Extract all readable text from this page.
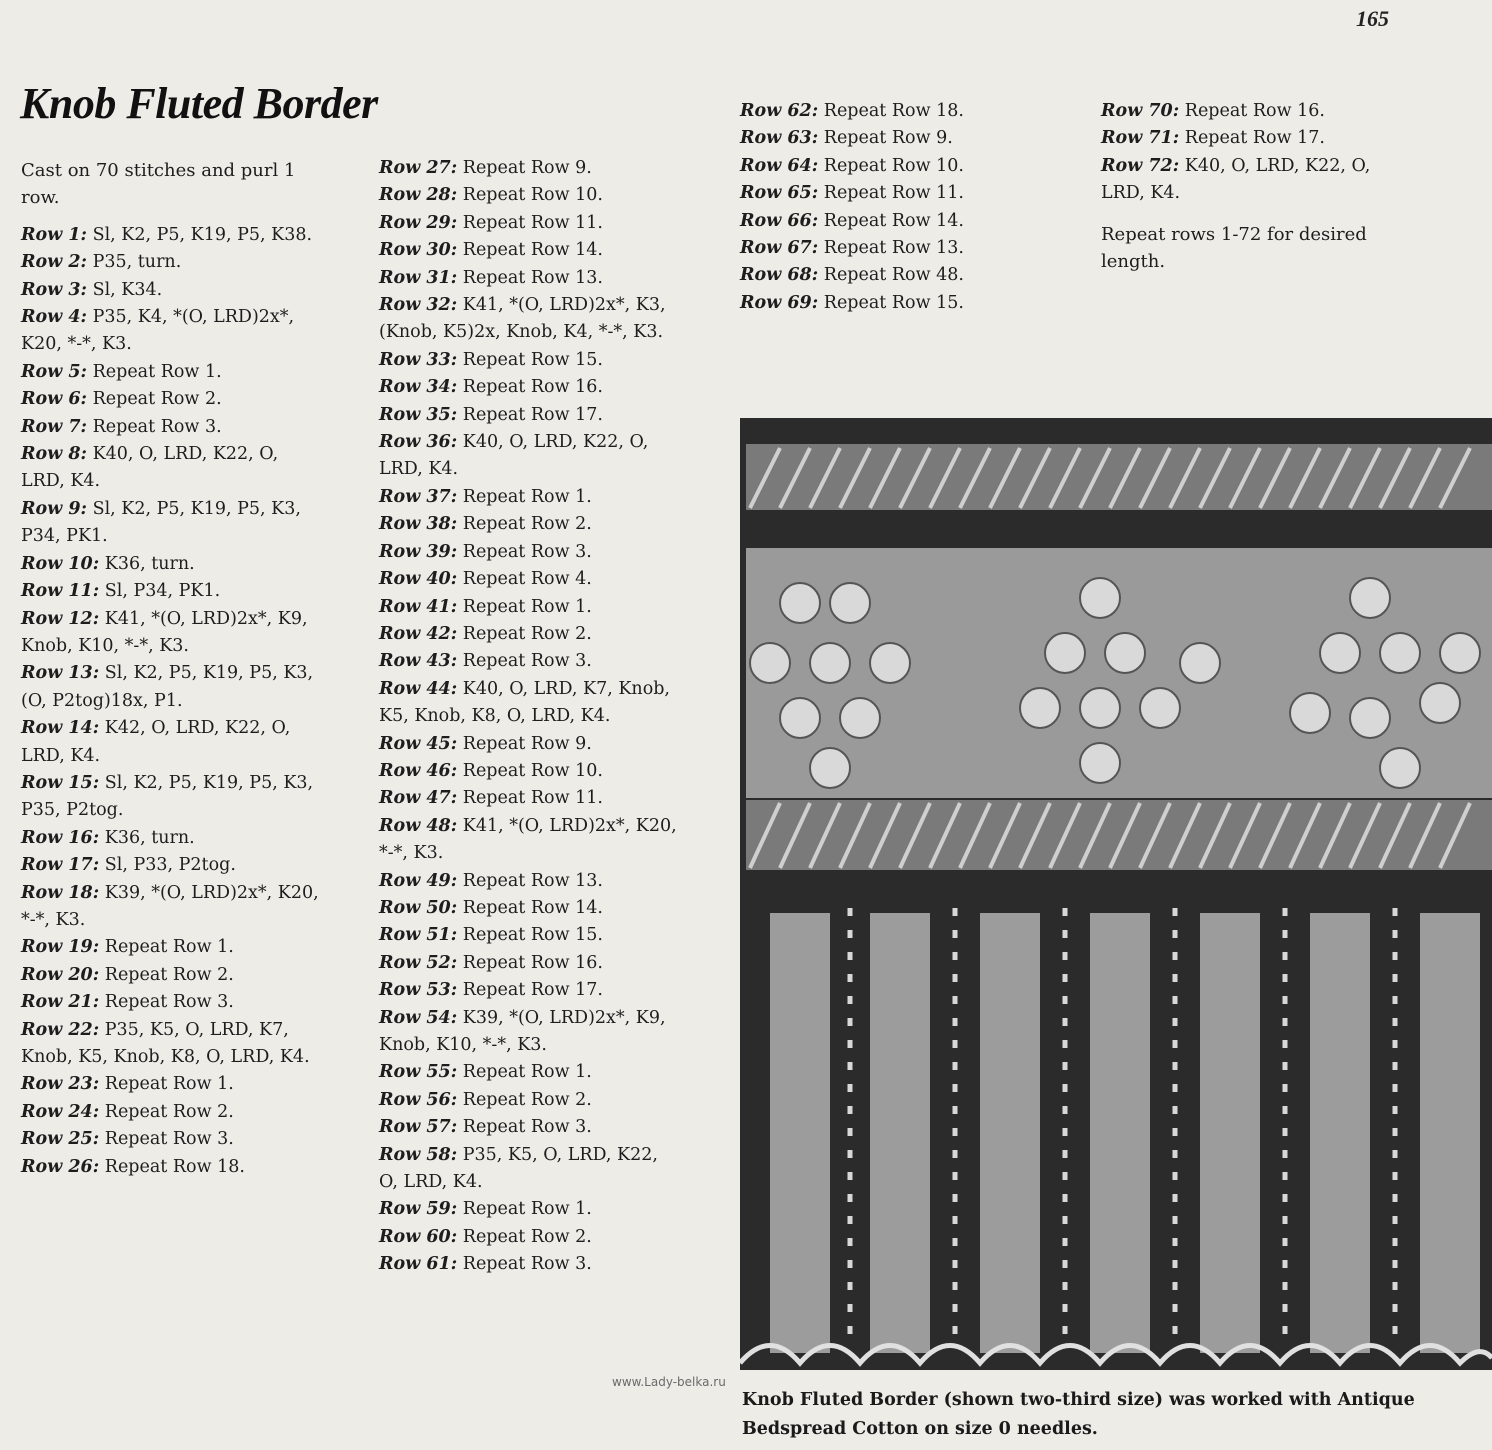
165
Knob Fluted Border

Cast on 70 stitches and purl 1 row.

Row 1: Sl, K2, P5, K19, P5, K38.

Row 2: P35, turn.

Row 3: Sl, K34.

Row 4: P35, K4, *(O, LRD)2x*, K20, *-*, K3.

Row 5: Repeat Row 1.

Row 6: Repeat Row 2.

Row 7: Repeat Row 3.

Row 8: K40, O, LRD, K22, O, LRD, K4.

Row 9: Sl, K2, P5, K19, P5, K3, P34, PK1.

Row 10: K36, turn.

Row 11: Sl, P34, PK1.

Row 12: K41, *(O, LRD)2x*, K9, Knob, K10, *-*, K3.

Row 13: Sl, K2, P5, K19, P5, K3, (O, P2tog)18x, P1.

Row 14: K42, O, LRD, K22, O, LRD, K4.

Row 15: Sl, K2, P5, K19, P5, K3, P35, P2tog.

Row 16: K36, turn.

Row 17: Sl, P33, P2tog.

Row 18: K39, *(O, LRD)2x*, K20, *-*, K3.

Row 19: Repeat Row 1.

Row 20: Repeat Row 2.

Row 21: Repeat Row 3.

Row 22: P35, K5, O, LRD, K7, Knob, K5, Knob, K8, O, LRD, K4.

Row 23: Repeat Row 1.

Row 24: Repeat Row 2.

Row 25: Repeat Row 3.

Row 26: Repeat Row 18.

Row 27: Repeat Row 9.

Row 28: Repeat Row 10.

Row 29: Repeat Row 11.

Row 30: Repeat Row 14.

Row 31: Repeat Row 13.

Row 32: K41, *(O, LRD)2x*, K3, (Knob, K5)2x, Knob, K4, *-*, K3.

Row 33: Repeat Row 15.

Row 34: Repeat Row 16.

Row 35: Repeat Row 17.

Row 36: K40, O, LRD, K22, O, LRD, K4.

Row 37: Repeat Row 1.

Row 38: Repeat Row 2.

Row 39: Repeat Row 3.

Row 40: Repeat Row 4.

Row 41: Repeat Row 1.

Row 42: Repeat Row 2.

Row 43: Repeat Row 3.

Row 44: K40, O, LRD, K7, Knob, K5, Knob, K8, O, LRD, K4.

Row 45: Repeat Row 9.

Row 46: Repeat Row 10.

Row 47: Repeat Row 11.

Row 48: K41, *(O, LRD)2x*, K20, *-*, K3.

Row 49: Repeat Row 13.

Row 50: Repeat Row 14.

Row 51: Repeat Row 15.

Row 52: Repeat Row 16.

Row 53: Repeat Row 17.

Row 54: K39, *(O, LRD)2x*, K9, Knob, K10, *-*, K3.

Row 55: Repeat Row 1.

Row 56: Repeat Row 2.

Row 57: Repeat Row 3.

Row 58: P35, K5, O, LRD, K22, O, LRD, K4.

Row 59: Repeat Row 1.

Row 60: Repeat Row 2.

Row 61: Repeat Row 3.

Row 62: Repeat Row 18.

Row 63: Repeat Row 9.

Row 64: Repeat Row 10.

Row 65: Repeat Row 11.

Row 66: Repeat Row 14.

Row 67: Repeat Row 13.

Row 68: Repeat Row 48.

Row 69: Repeat Row 15.

Row 70: Repeat Row 16.

Row 71: Repeat Row 17.

Row 72: K40, O, LRD, K22, O, LRD, K4.

Repeat rows 1-72 for desired length.

www.Lady-belka.ru
Knob Fluted Border (shown two-third size) was worked with Antique Bedspread Cotton on size 0 needles.
